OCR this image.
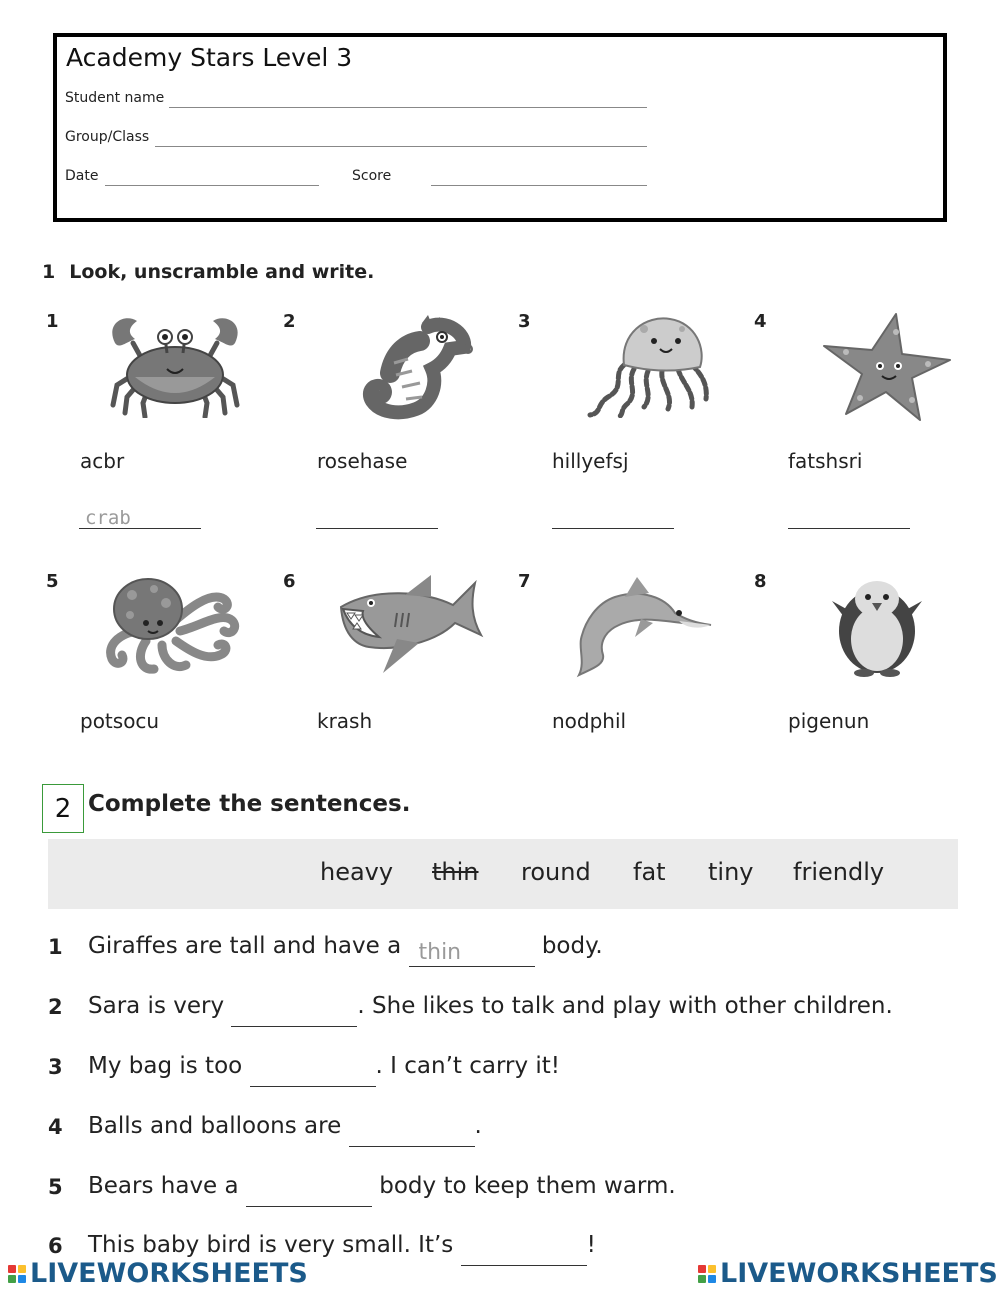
Academy Stars Level 3
Student name
Group/Class
Date	Score
1 Look, unscramble and write.
1	2	3	4
acbr	rosehase	hillyefsj	fatshsri
crab
5	6	7	8
potsocu	krash	nodphil	pigenun
2 Complete the sentences.
heavy thin round fat tiny friendly
1 Giraffes are tall and have a thin	body.
2 Sara is very	. She likes to talk and play with other children.
3 My bag is too	. I can’t carry it!
4 Balls and balloons are	.
5 Bears have a	body to keep them warm.
6 This baby bird is very small. It’s	!
LIVEWORKSHEETS	LIVEWORKSHEETS
